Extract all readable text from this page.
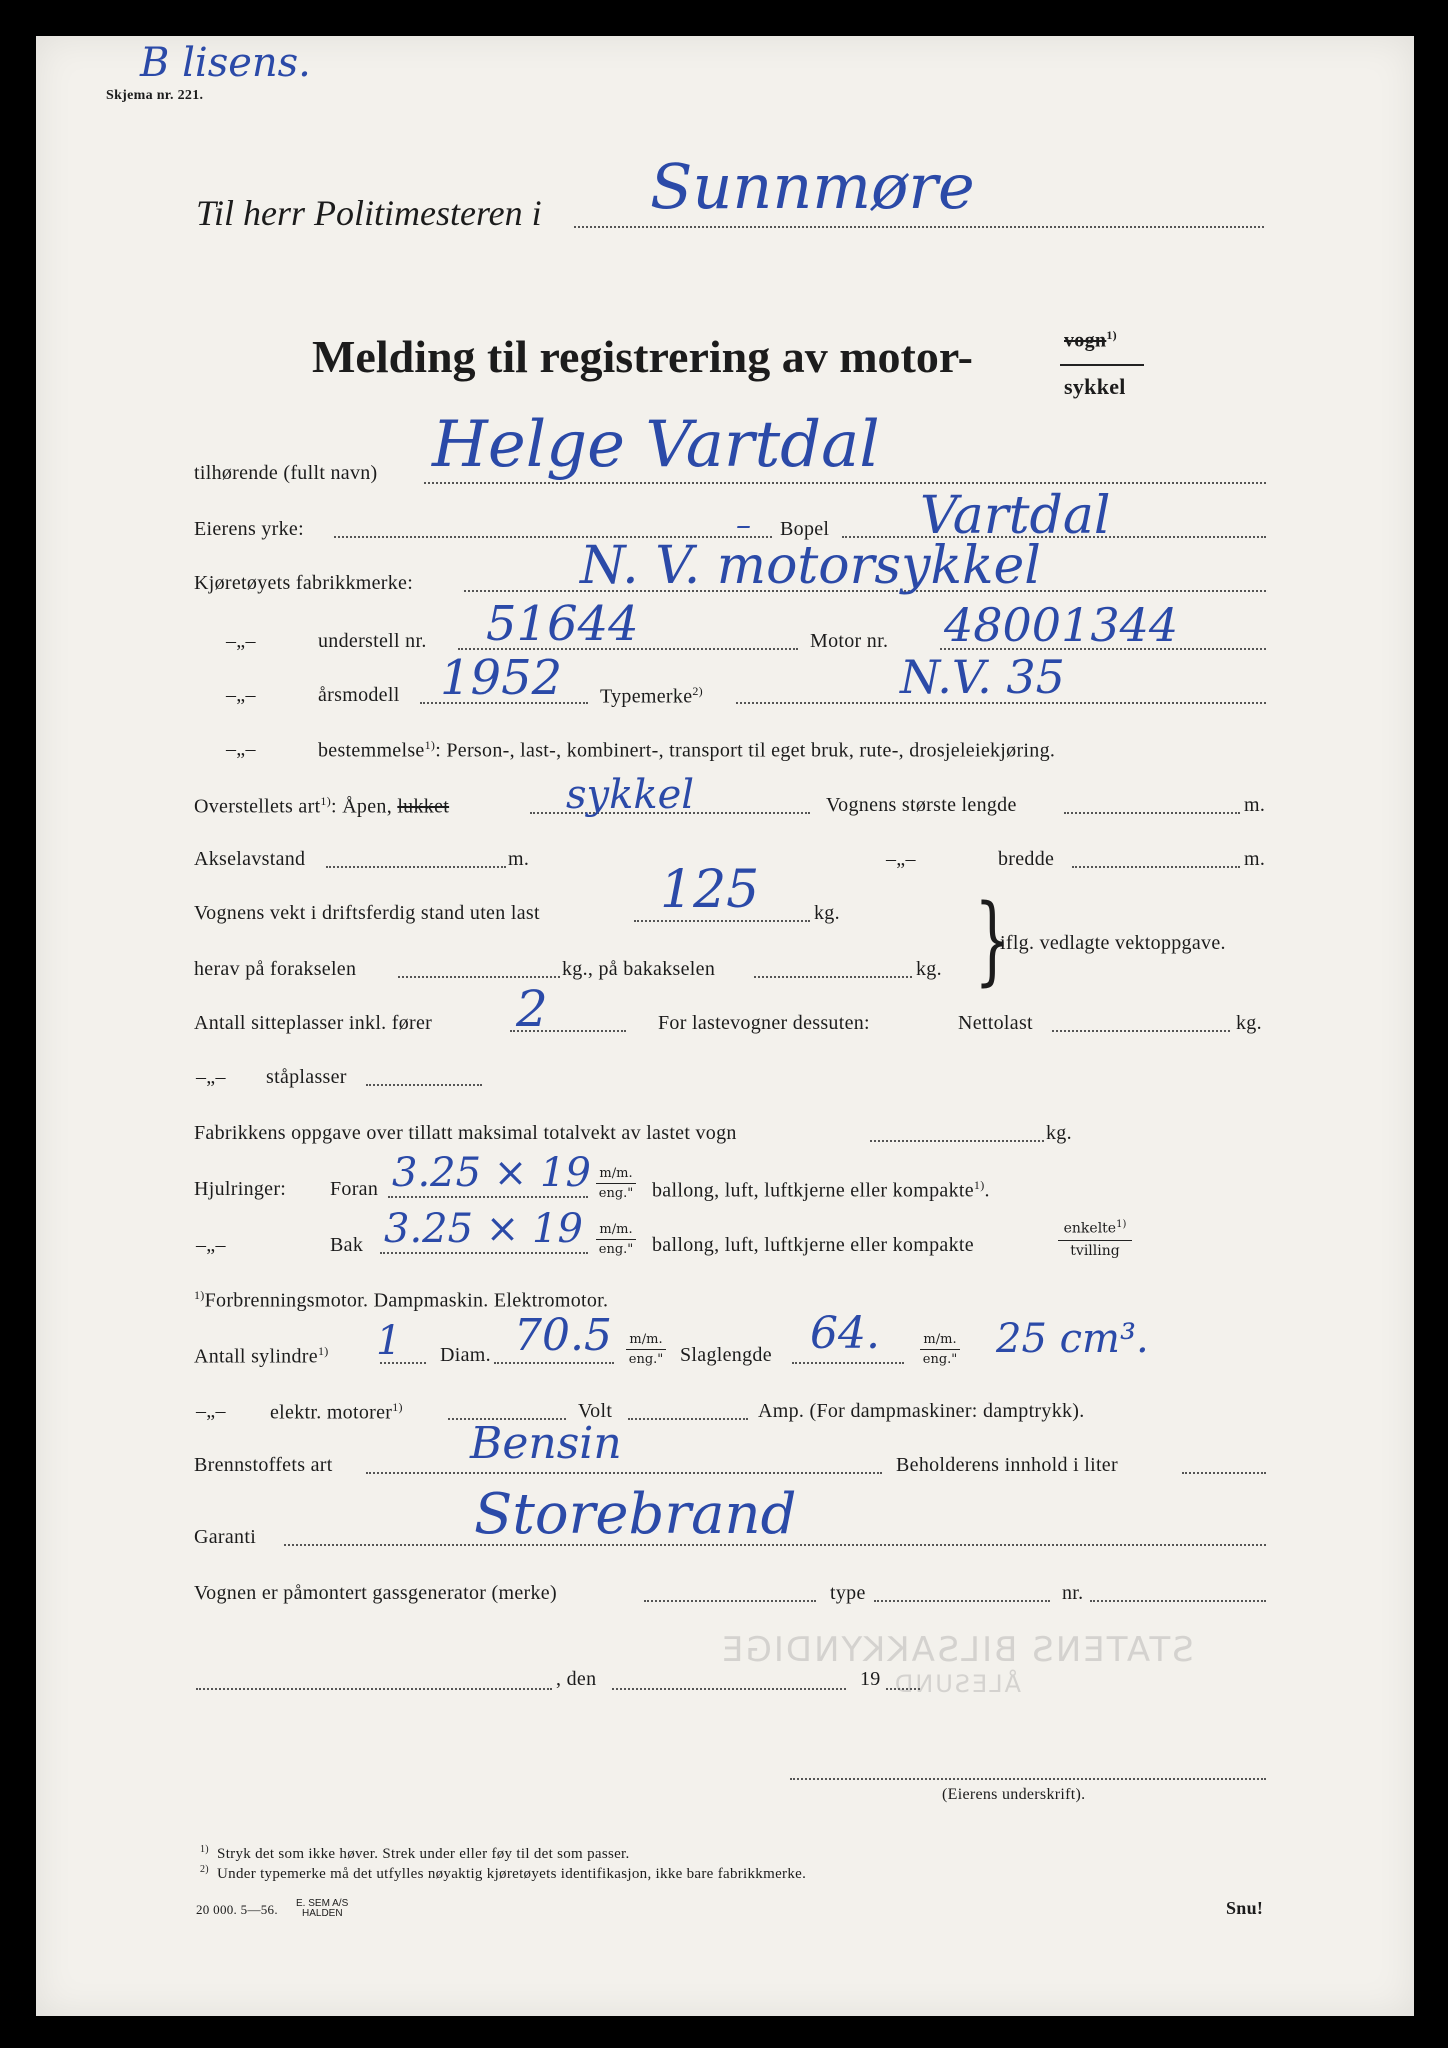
STATENS BILSAKKYNDIGE
ÅLESUND
B lisens.
Skjema nr. 221.
Til herr Politimesteren i Sunnmøre
Melding til registrering av motor-	vogn$^{1)}$
sykkel
tilhørende (fullt navn) Helge Vartdal
Eierens yrke:	– Bopel Vartdal
Kjøretøyets fabrikkmerke:	N. V. motorsykkel
–„–	understell nr. 51644	Motor nr. 48001344
–„–	årsmodell 1952 Typemerke$^{2)}$	N.V. 35
–„–	bestemmelse$^{1)}$: Person-, last-, kombinert-, transport til eget bruk, rute-, drosjeleiekjøring.
Overstellets art$^{1)}$: Åpen, lukket	sykkel	Vognens største lengde	m.
Akselavstand	m.	–„–	bredde	m.
Vognens vekt i driftsferdig stand uten last 125	kg. }
iflg. vedlagte vektoppgave.
herav på forakselen	kg., på bakakselen	kg.
Antall sitteplasser inkl. fører 2	For lastevogner dessuten:	Nettolast	kg.
–„– ståplasser
Fabrikkens oppgave over tillatt maksimal totalvekt av lastet vogn	kg.
Hjulringer: Foran 3.25 × 19 m/m.
eng." ballong, luft, luftkjerne eller kompakte$^{1)}$.
–„–	Bak 3.25 × 19 m/m.
eng." ballong, luft, luftkjerne eller kompakte
enkelte$^{1)}$
tvilling
$^{1)}$Forbrenningsmotor. Dampmaskin. Elektromotor.
Antall sylindre$^{1)}$ 1 Diam. 70.5 m/m.
eng." Slaglengde 64.	m/m.
eng." 25 cm³.
–„– elektr. motorer$^{1)}$	Volt	Amp. (For dampmaskiner: damptrykk).
Brennstoffets art	Bensin	Beholderens innhold i liter
Garanti	Storebrand
Vognen er påmontert gassgenerator (merke)	type	nr.
, den	19
(Eierens underskrift).
$^{1)}$ Stryk det som ikke høver. Strek under eller føy til det som passer.
$^{2)}$ Under typemerke må det utfylles nøyaktig kjøretøyets identifikasjon, ikke bare fabrikkmerke.
20 000. 5—56. E. SEM A/S
HALDEN	Snu!
